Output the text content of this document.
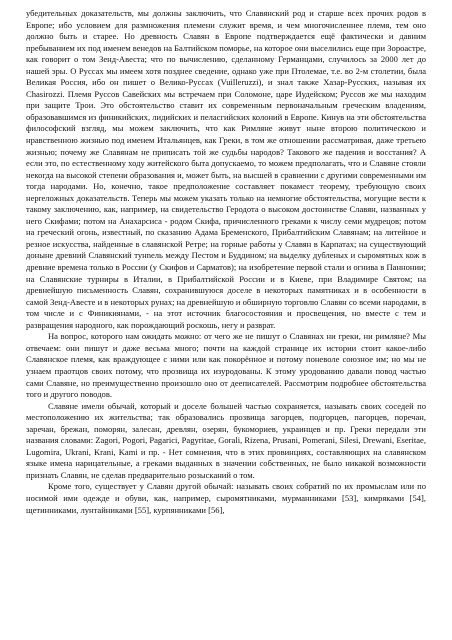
убедительных доказательств, мы должны заключить, что Славянский род и старше всех прочих родов в Европе; ибо условием для размножения племени служит время, и чем многочисленнее племя, тем оно должно быть и старее. Но древность Славян в Европе подтверждается ещё фактически и давним пребыванием их под именем венедов на Балтийском поморье, на которое они выселились еще при Зороастре, как говорит о том Зенд-Авеста; что по вычислению, сделанному Германцами, случилось за 2000 лет до нашей эры. О Руссах мы имеем хотя позднее сведение, однако уже при Птолемае, т.е. во 2-м столетии, была Великая Россия, ибо он пишет о Велико-Руссах (Vuilleruzzi), и знал также Хазар-Русских, называя их Chasirozzi. Племя Руссов Савейских мы встречаем при Соломоне, царе Иудейском; Руссов же мы находим при защите Трои. Это обстоятельство ставит их современным первоначальным греческим владениям, образовавшимся из финикийских, лидийских и пеласгийских колоний в Европе. Кинув на эти обстоятельства философский взгляд, мы можем заключить, что как Римляне живут ныне второю политическою и нравственною жизнью под именем Итальянцев, как Греки, в том же отношении рассматривая, даже третьею жизнью; почему же Славянам не приписать той же судьбы народов? Такового же падения и восстания? А если это, по естественному ходу житейского быта допускаемо, то можем предполагать, что и Славяне стояли некогда на высокой степени образования и, может быть, на высшей в сравнении с другими современными им тогда народами. Но, конечно, такое предположение составляет покамест теорему, требующую своих неprеложных доказательств. Теперь мы можем указать только на немногие обстоятельства, могущие вести к такому заключению, как, например, на свидетельство Геродота о высоком достоинстве Славян, названных у него Скифами; потом на Анахарсиса - родом Скифа, причисленного греками к числу семи мудрецов; потом на греческий огонь, известный, по сказанию Адама Бременского, Прибалтийским Славянам; на литейное и резное искусства, найденные в славянской Ретре; на горные работы у Славян в Карпатах; на существующий доныне древний Славянский тунnель между Пестом и Буддином; на выделку дубленых и сыромятных кож в древние времена только в России (у Скифов и Сарматов); на изобретение первой стали и огнива в Паннонии; на Славянские турниры в Италии, в Прибалтийской России и в Киеве, при Владимире Святом; на древнейшую письменность Славян, сохранившуюся доселе в некоторых памятниках и в особенности в самой Зенд-Авесте и в некоторых рунах; на древнейшую и обширную торговлю Славян со всеми народами, в том числе и с Финикиянами, - на этот источник благосостояния и просвещения, но вместе с тем и развращения народного, как порождающий роскошь, негу и разврат.

На вопрос, которого нам ожидать можно: от чего же не пишут о Славянах ни греки, ни римляне? Мы отвечаем: они пишут и даже весьма много; почти на каждой странице их истории стоит какое-либо Славянское племя, как враждующее с ними или как покорённое и потому поневоле союзное им; но мы не узнаем праотцов своих потому, что прозвища их изуродованы. К этому уродованию давали повод частью сами Славяне, но преимущественно произошло оно от дееписателей. Рассмотрим подробнее обстоятельства того и другого поводов.

Славяне имели обычай, который и доселе большей частью сохраняется, называть своих соседей по местоположению их жительства; так образовались прозвища загорцев, подгорцев, пагорцев, поречан, заречан, брежан, поморян, залесан, древлян, озерян, букомориев, украинцев и пр. Греки передали эти названия словами: Zagori, Pogori, Pagarici, Pagyritae, Gorali, Rizena, Prusani, Pomerani, Silesi, Drewani, Eseritae, Lugomira, Ukrani, Krani, Kami и пр. - Нет сомнения, что в этих провинциях, составляющих на славянском языке имена нарицательные, а греками выданных в значении собственных, не было никакой возможности признать Славян, не сделав предварительно розысканий о том.

Кроме того, существует у Славян другой обычай: называть своих собратий по их промыслам или по носимой ими одежде и обуви, как, например, сыромятниками, мурманниками [53], кимряками [54], щетинниками, лунтайниками [55], курпянниками [56],
